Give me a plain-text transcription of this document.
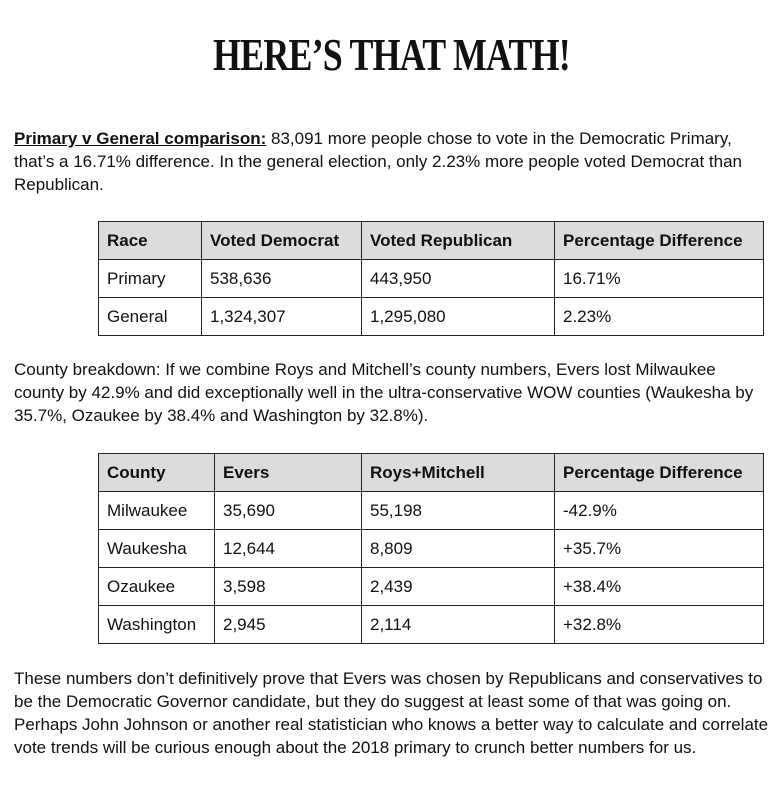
HERE’S THAT MATH!

Primary v General comparison: 83,091 more people chose to vote in the Democratic Primary, that’s a 16.71% difference. In the general election, only 2.23% more people voted Democrat than Republican.

Race	Voted Democrat	Voted Republican	Percentage Difference
Primary	538,636	443,950	16.71%
General	1,324,307	1,295,080	2.23%

County breakdown: If we combine Roys and Mitchell’s county numbers, Evers lost Milwaukee county by 42.9% and did exceptionally well in the ultra-conservative WOW counties (Waukesha by 35.7%, Ozaukee by 38.4% and Washington by 32.8%).

County	Evers	Roys+Mitchell	Percentage Difference
Milwaukee	35,690	55,198	-42.9%
Waukesha	12,644	8,809	+35.7%
Ozaukee	3,598	2,439	+38.4%
Washington	2,945	2,114	+32.8%

These numbers don’t definitively prove that Evers was chosen by Republicans and conservatives to be the Democratic Governor candidate, but they do suggest at least some of that was going on. Perhaps John Johnson or another real statistician who knows a better way to calculate and correlate vote trends will be curious enough about the 2018 primary to crunch better numbers for us.
